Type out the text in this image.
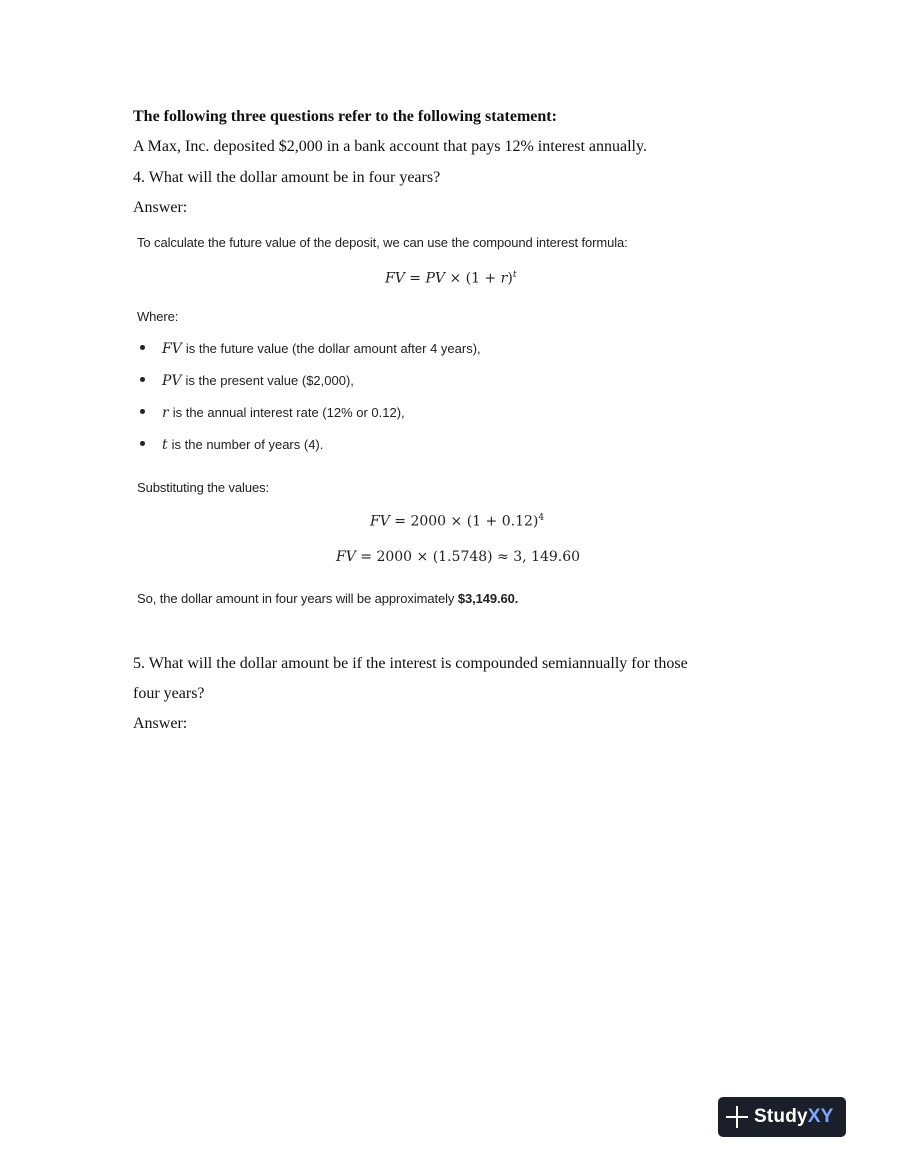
The following three questions refer to the following statement:
A Max, Inc. deposited $2,000 in a bank account that pays 12% interest annually.
4. What will the dollar amount be in four years?
Answer:
To calculate the future value of the deposit, we can use the compound interest formula:
FV = PV × $(1 + r)^t$
Where:
FV is the future value (the dollar amount after 4 years),
PV is the present value ($2,000),
r is the annual interest rate (12% or 0.12),
t is the number of years (4).
Substituting the values:
FV = $2000 \times (1 + 0.12)^4$
FV = 2000 × (1.5748) ≈ 3, 149.60
So, the dollar amount in four years will be approximately $3,149.60.
5. What will the dollar amount be if the interest is compounded semiannually for those
four years?
Answer:
StudyXY
